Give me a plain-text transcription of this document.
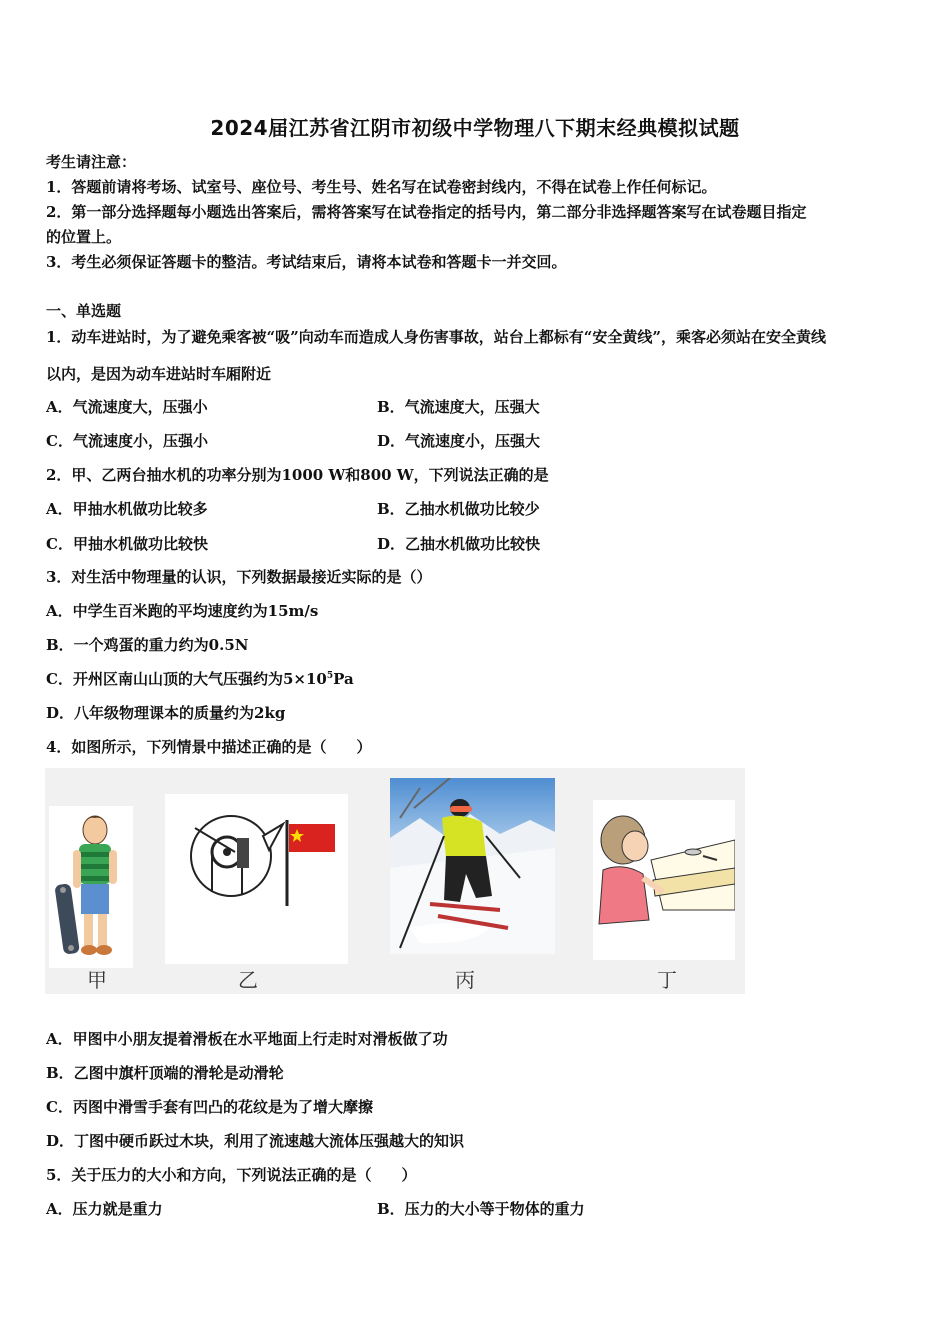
2024届江苏省江阴市初级中学物理八下期末经典模拟试题
考生请注意：
1．答题前请将考场、试室号、座位号、考生号、姓名写在试卷密封线内，不得在试卷上作任何标记。
2．第一部分选择题每小题选出答案后，需将答案写在试卷指定的括号内，第二部分非选择题答案写在试卷题目指定
的位置上。
3．考生必须保证答题卡的整洁。考试结束后，请将本试卷和答题卡一并交回。
一、单选题
1．动车进站时，为了避免乘客被“吸”向动车而造成人身伤害事故，站台上都标有“安全黄线”，乘客必须站在安全黄线
以内，是因为动车进站时车厢附近
A．气流速度大，压强小	B．气流速度大，压强大
C．气流速度小，压强小	D．气流速度小，压强大
2．甲、乙两台抽水机的功率分别为1000 W和800 W，下列说法正确的是
A．甲抽水机做功比较多	B．乙抽水机做功比较少
C．甲抽水机做功比较快	D．乙抽水机做功比较快
3．对生活中物理量的认识，下列数据最接近实际的是（）
A．中学生百米跑的平均速度约为15m/s
B．一个鸡蛋的重力约为0.5N
C．开州区南山山顶的大气压强约为$5\times 10^5Pa$
D．八年级物理课本的质量约为2kg
4．如图所示，下列情景中描述正确的是（　　）
甲	乙	丙	丁
A．甲图中小朋友提着滑板在水平地面上行走时对滑板做了功
B．乙图中旗杆顶端的滑轮是动滑轮
C．丙图中滑雪手套有凹凸的花纹是为了增大摩擦
D．丁图中硬币跃过木块，利用了流速越大流体压强越大的知识
5．关于压力的大小和方向，下列说法正确的是（　　）
A．压力就是重力	B．压力的大小等于物体的重力
